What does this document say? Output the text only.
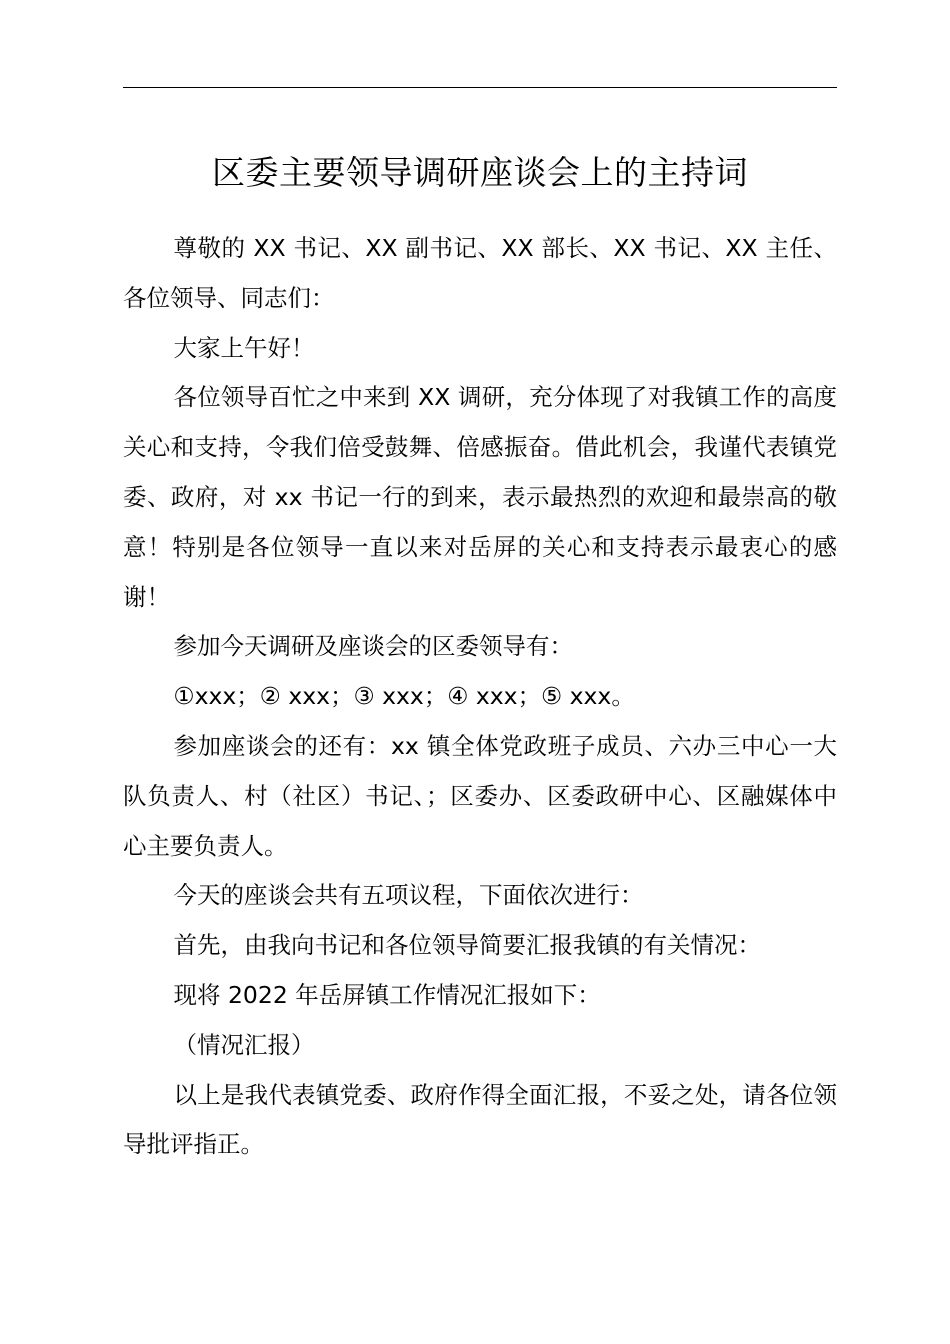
区委主要领导调研座谈会上的主持词

尊敬的 XX 书记、XX 副书记、XX 部长、XX 书记、XX 主任、各位领导、同志们：

大家上午好！

各位领导百忙之中来到 XX 调研，充分体现了对我镇工作的高度关心和支持，令我们倍受鼓舞、倍感振奋。借此机会，我谨代表镇党委、政府，对 xx 书记一行的到来，表示最热烈的欢迎和最崇高的敬意！特别是各位领导一直以来对岳屏的关心和支持表示最衷心的感谢！

参加今天调研及座谈会的区委领导有：

①xxx；② xxx；③ xxx；④ xxx；⑤ xxx。

参加座谈会的还有：xx 镇全体党政班子成员、六办三中心一大队负责人、村（社区）书记、；区委办、区委政研中心、区融媒体中心主要负责人。

今天的座谈会共有五项议程，下面依次进行：

首先，由我向书记和各位领导简要汇报我镇的有关情况：

现将 2022 年岳屏镇工作情况汇报如下：

（情况汇报）

以上是我代表镇党委、政府作得全面汇报，不妥之处，请各位领导批评指正。
